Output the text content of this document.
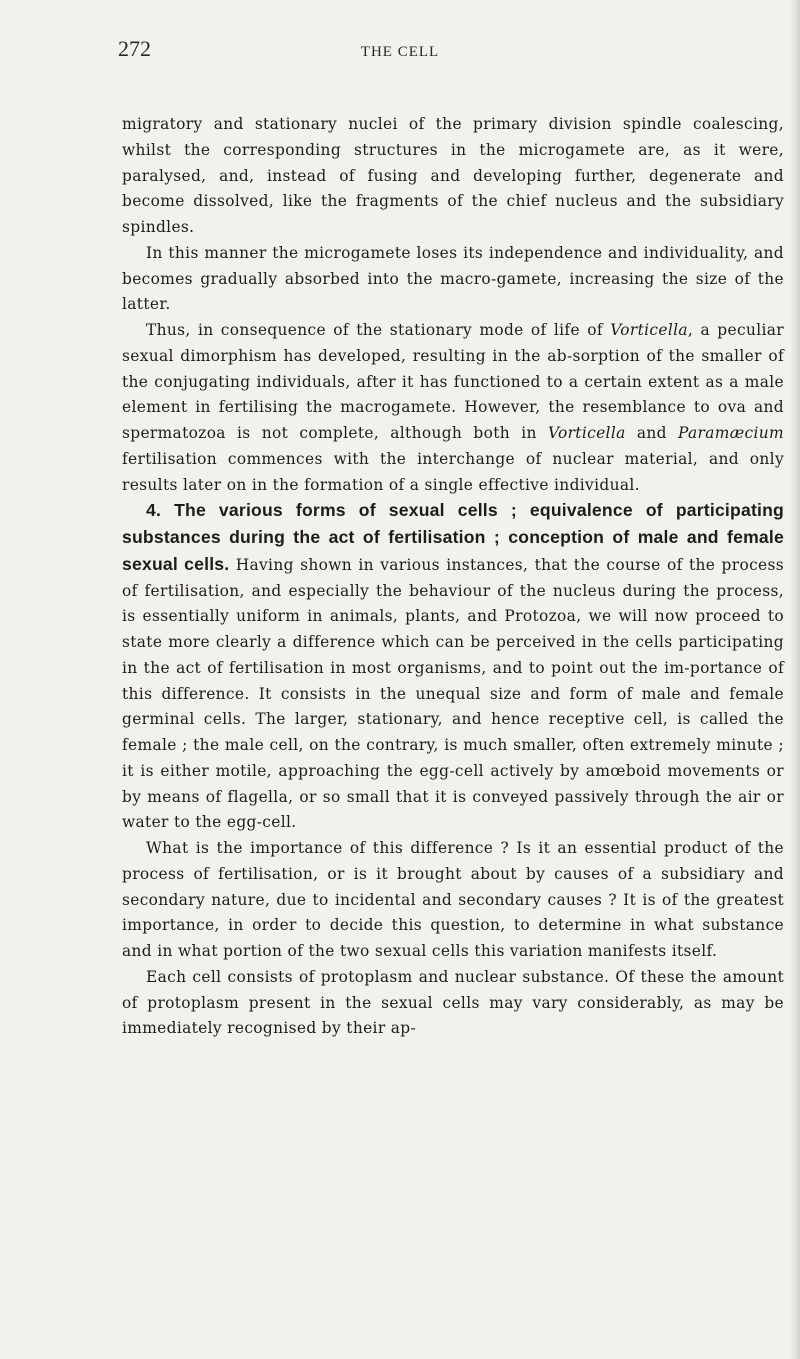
272	THE CELL

migratory and stationary nuclei of the primary division spindle coalescing, whilst the corresponding structures in the microgamete are, as it were, paralysed, and, instead of fusing and developing further, degenerate and become dissolved, like the fragments of the chief nucleus and the subsidiary spindles.

In this manner the microgamete loses its independence and individuality, and becomes gradually absorbed into the macro-gamete, increasing the size of the latter.

Thus, in consequence of the stationary mode of life of Vorticella, a peculiar sexual dimorphism has developed, resulting in the ab-sorption of the smaller of the conjugating individuals, after it has functioned to a certain extent as a male element in fertilising the macrogamete. However, the resemblance to ova and spermatozoa is not complete, although both in Vorticella and Paramæcium fertilisation commences with the interchange of nuclear material, and only results later on in the formation of a single effective individual.

4. The various forms of sexual cells ; equivalence of participating substances during the act of fertilisation ; conception of male and female sexual cells. Having shown in various instances, that the course of the process of fertilisation, and especially the behaviour of the nucleus during the process, is essentially uniform in animals, plants, and Protozoa, we will now proceed to state more clearly a difference which can be perceived in the cells participating in the act of fertilisation in most organisms, and to point out the im-portance of this difference. It consists in the unequal size and form of male and female germinal cells. The larger, stationary, and hence receptive cell, is called the female ; the male cell, on the contrary, is much smaller, often extremely minute ; it is either motile, approaching the egg-cell actively by amœboid movements or by means of flagella, or so small that it is conveyed passively through the air or water to the egg-cell.

What is the importance of this difference ? Is it an essential product of the process of fertilisation, or is it brought about by causes of a subsidiary and secondary nature, due to incidental and secondary causes ? It is of the greatest importance, in order to decide this question, to determine in what substance and in what portion of the two sexual cells this variation manifests itself.

Each cell consists of protoplasm and nuclear substance. Of these the amount of protoplasm present in the sexual cells may vary considerably, as may be immediately recognised by their ap-
